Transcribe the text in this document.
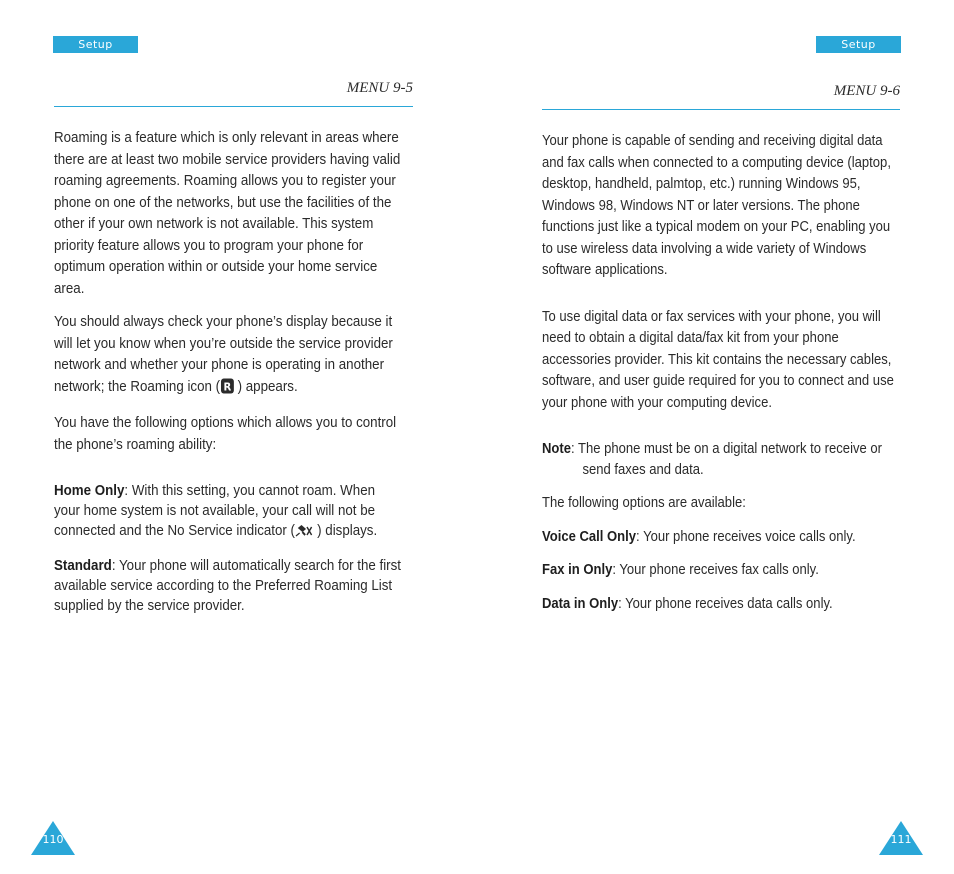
Setup
MENU 9-5

Roaming is a feature which is only relevant in areas where there are at least two mobile service providers having valid roaming agreements. Roaming allows you to register your phone on one of the networks, but use the facilities of the other if your own network is not available. This system priority feature allows you to program your phone for optimum operation within or outside your home service area.

You should always check your phone’s display because it will let you know when you’re outside the service provider network and whether your phone is operating in another network; the Roaming icon ( R ) appears.

You have the following options which allows you to control the phone’s roaming ability:

Home Only: With this setting, you cannot roam. When your home system is not available, your call will not be connected and the No Service indicator ( ) displays.

Standard: Your phone will automatically search for the first available service according to the Preferred Roaming List supplied by the service provider.

110
Setup
MENU 9-6

Your phone is capable of sending and receiving digital data and fax calls when connected to a computing device (laptop, desktop, handheld, palmtop, etc.) running Windows 95, Windows 98, Windows NT or later versions. The phone functions just like a typical modem on your PC, enabling you to use wireless data involving a wide variety of Windows software applications.

To use digital data or fax services with your phone, you will need to obtain a digital data/fax kit from your phone accessories provider. This kit contains the necessary cables, software, and user guide required for you to connect and use your phone with your computing device.

Note: The phone must be on a digital network to receive or send faxes and data.

The following options are available:

Voice Call Only: Your phone receives voice calls only.

Fax in Only: Your phone receives fax calls only.

Data in Only: Your phone receives data calls only.

111
